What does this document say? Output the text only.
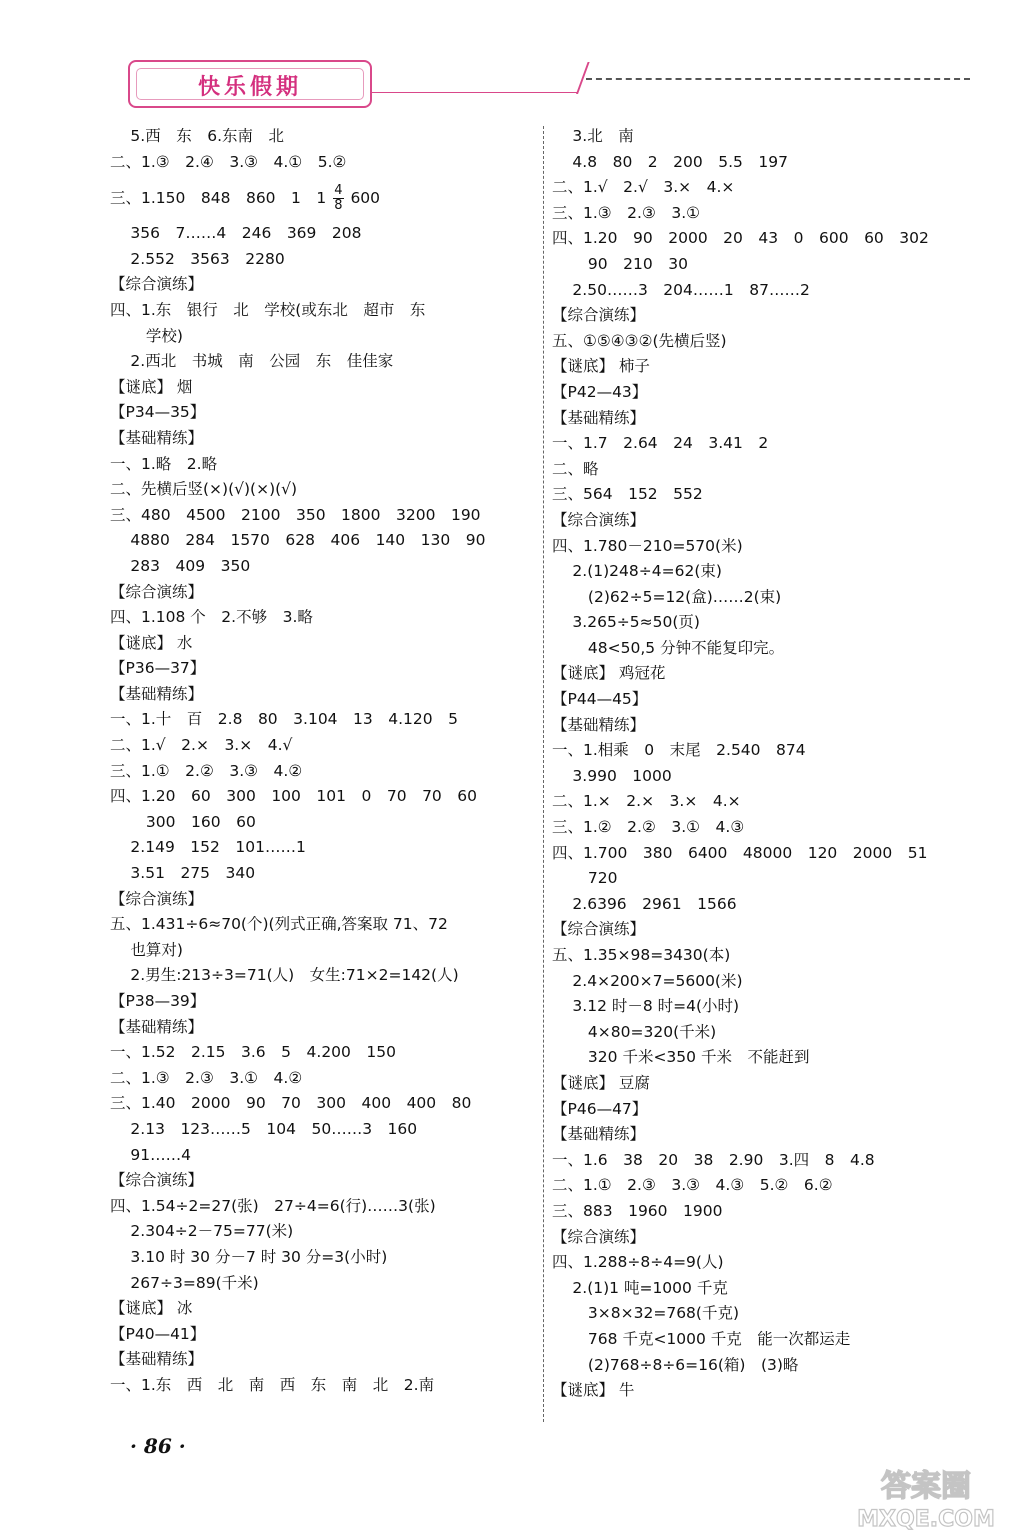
快乐假期
　 5.西　东　6.东南　北
二、1.③　2.④　3.③　4.①　5.②
三、1.150　848　860　1　$1 \frac{4}{8} 600$
　 356　7……4　246　369　208
　 2.552　3563　2280
【综合演练】
四、1.东　银行　北　学校(或东北　超市　东
　 　学校)
　 2.西北　书城　南　公园　东　佳佳家
【谜底】 烟
【P34—35】
【基础精练】
一、1.略　2.略
二、先横后竖(×)(√)(×)(√)
三、480　4500　2100　350　1800　3200　190
　 4880　284　1570　628　406　140　130　90
　 283　409　350
【综合演练】
四、1.108 个　2.不够　3.略
【谜底】 水
【P36—37】
【基础精练】
一、1.十　百　2.8　80　3.104　13　4.120　5
二、1.√　2.×　3.×　4.√
三、1.①　2.②　3.③　4.②
四、1.20　60　300　100　101　0　70　70　60
　 　300　160　60
　 2.149　152　101……1
　 3.51　275　340
【综合演练】
五、1.431÷6≈70(个)(列式正确,答案取 71、72
　 也算对)
　 2.男生:213÷3=71(人)　女生:71×2=142(人)
【P38—39】
【基础精练】
一、1.52　2.15　3.6　5　4.200　150
二、1.③　2.③　3.①　4.②
三、1.40　2000　90　70　300　400　400　80
　 2.13　123……5　104　50……3　160
　 91……4
【综合演练】
四、1.54÷2=27(张)　27÷4=6(行)……3(张)
　 2.304÷2－75=77(米)
　 3.10 时 30 分－7 时 30 分=3(小时)
　 267÷3=89(千米)
【谜底】 冰
【P40—41】
【基础精练】
一、1.东　西　北　南　西　东　南　北　2.南
　 3.北　南
　 4.8　80　2　200　5.5　197
二、1.√　2.√　3.×　4.×
三、1.③　2.③　3.①
四、1.20　90　2000　20　43　0　600　60　302
　 　90　210　30
　 2.50……3　204……1　87……2
【综合演练】
五、①⑤④③②(先横后竖)
【谜底】 柿子
【P42—43】
【基础精练】
一、1.7　2.64　24　3.41　2
二、略
三、564　152　552
【综合演练】
四、1.780－210=570(米)
　 2.(1)248÷4=62(束)
　 　(2)62÷5=12(盒)……2(束)
　 3.265÷5≈50(页)
　 　48<50,5 分钟不能复印完。
【谜底】 鸡冠花
【P44—45】
【基础精练】
一、1.相乘　0　末尾　2.540　874
　 3.990　1000
二、1.×　2.×　3.×　4.×
三、1.②　2.②　3.①　4.③
四、1.700　380　6400　48000　120　2000　51
　 　720
　 2.6396　2961　1566
【综合演练】
五、1.35×98=3430(本)
　 2.4×200×7=5600(米)
　 3.12 时－8 时=4(小时)
　 　4×80=320(千米)
　 　320 千米<350 千米　不能赶到
【谜底】 豆腐
【P46—47】
【基础精练】
一、1.6　38　20　38　2.90　3.四　8　4.8
二、1.①　2.③　3.③　4.③　5.②　6.②
三、883　1960　1900
【综合演练】
四、1.288÷8÷4=9(人)
　 2.(1)1 吨=1000 千克
　 　3×8×32=768(千克)
　 　768 千克<1000 千克　能一次都运走
　 　(2)768÷8÷6=16(箱)　(3)略
【谜底】 牛
· 86 ·
答案圈
MXQE.COM
